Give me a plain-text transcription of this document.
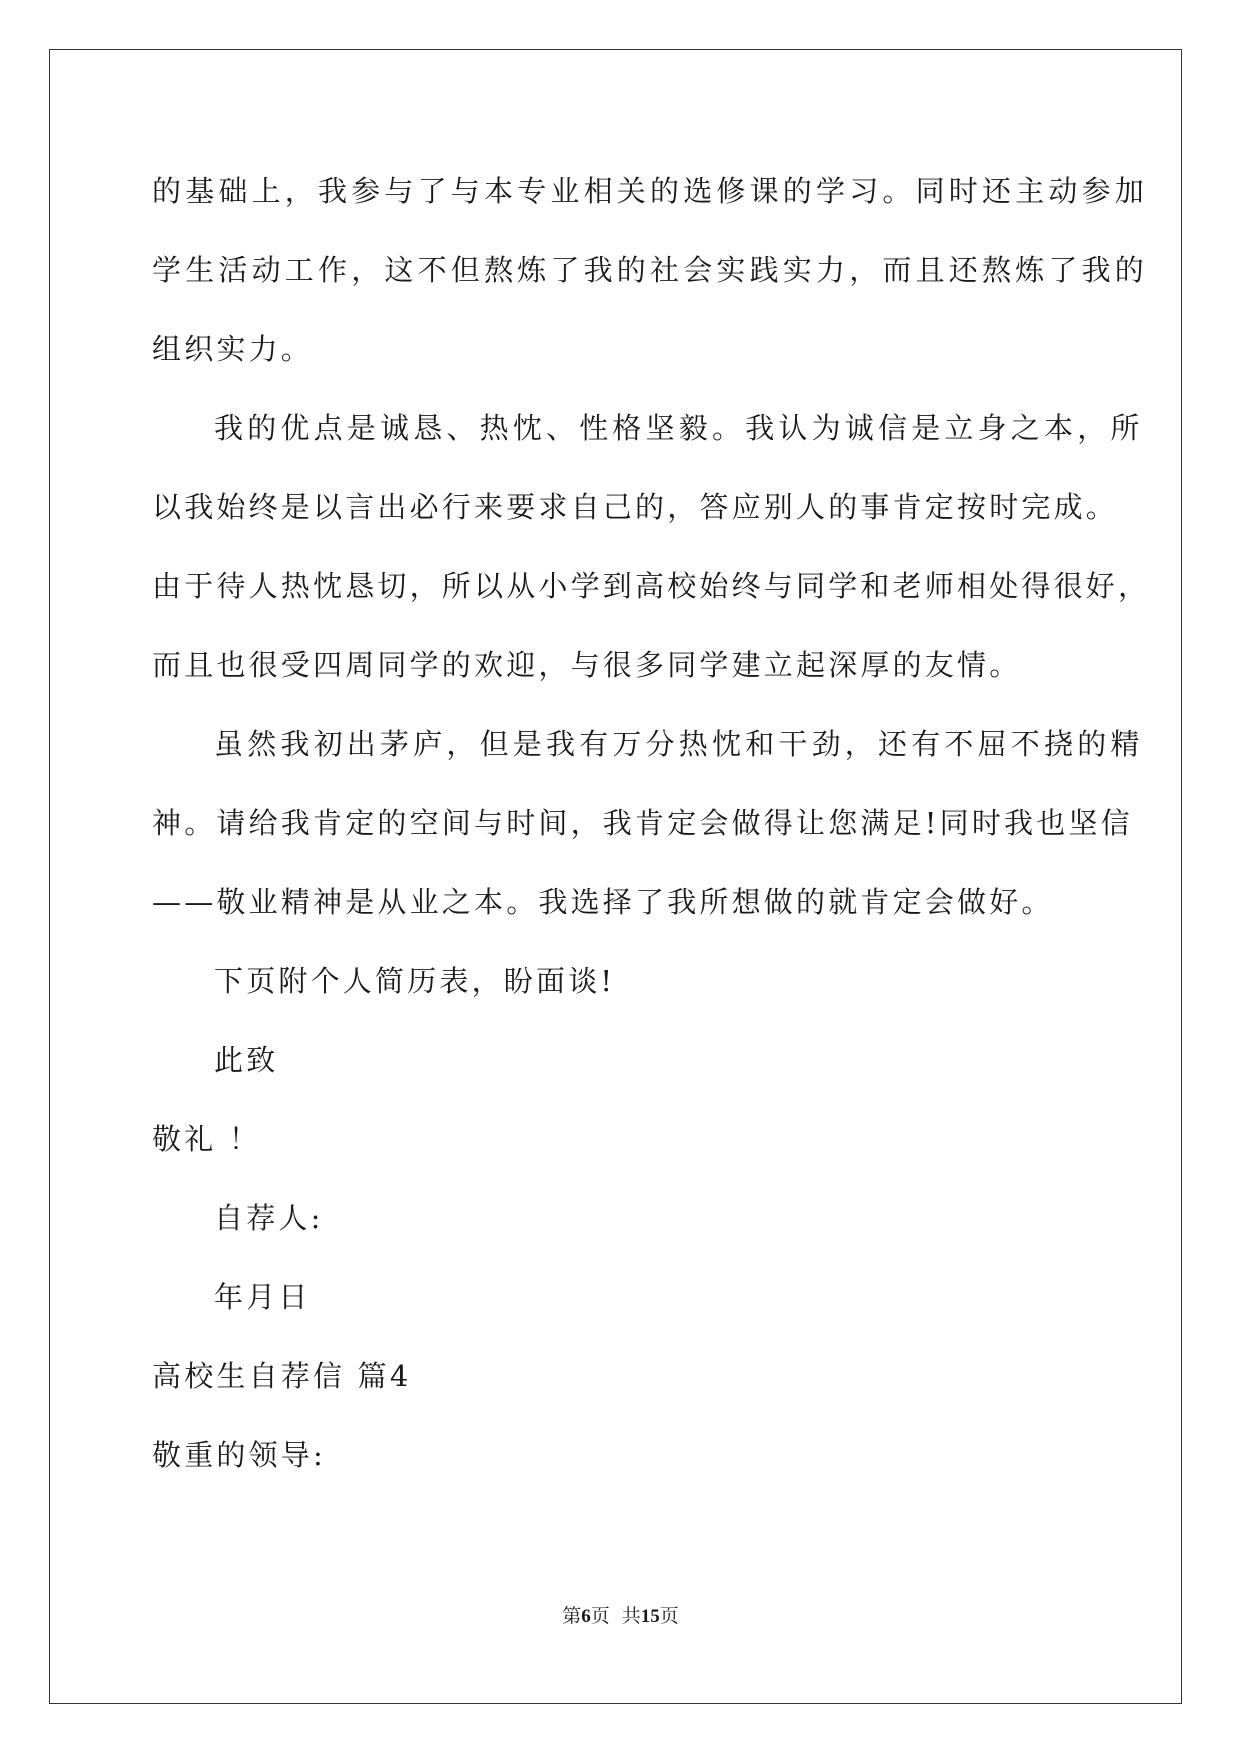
的基础上，我参与了与本专业相关的选修课的学习。同时还主动参加
学生活动工作，这不但熬炼了我的社会实践实力，而且还熬炼了我的
组织实力。
我的优点是诚恳、热忱、性格坚毅。我认为诚信是立身之本，所
以我始终是以言出必行来要求自己的，答应别人的事肯定按时完成。
由于待人热忱恳切，所以从小学到高校始终与同学和老师相处得很好，
而且也很受四周同学的欢迎，与很多同学建立起深厚的友情。
虽然我初出茅庐，但是我有万分热忱和干劲，还有不屈不挠的精
神。请给我肯定的空间与时间，我肯定会做得让您满足!同时我也坚信
——敬业精神是从业之本。我选择了我所想做的就肯定会做好。
下页附个人简历表，盼面谈!
此致
敬礼 ！
自荐人:
年月日
高校生自荐信 篇4
敬重的领导:
第6页  共15页
